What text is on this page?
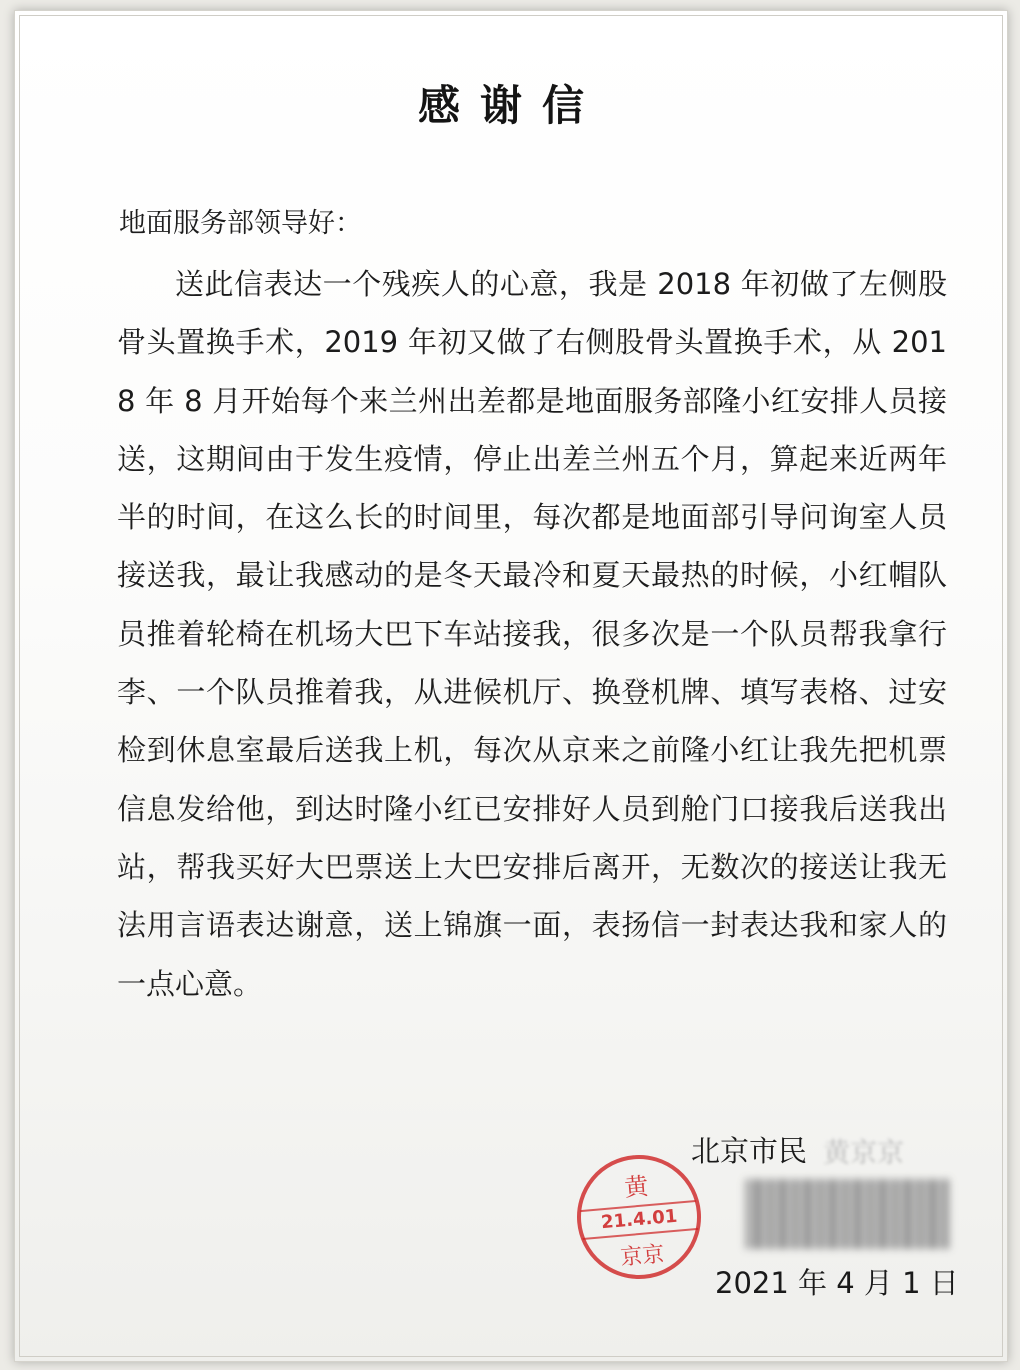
感谢信
地面服务部领导好：

送此信表达一个残疾人的心意，我是 2018 年初做了左侧股骨头置换手术，2019 年初又做了右侧股骨头置换手术，从 2018 年 8 月开始每个来兰州出差都是地面服务部隆小红安排人员接送，这期间由于发生疫情，停止出差兰州五个月，算起来近两年半的时间，在这么长的时间里，每次都是地面部引导问询室人员接送我，最让我感动的是冬天最冷和夏天最热的时候，小红帽队员推着轮椅在机场大巴下车站接我，很多次是一个队员帮我拿行李、一个队员推着我，从进候机厅、换登机牌、填写表格、过安检到休息室最后送我上机，每次从京来之前隆小红让我先把机票信息发给他，到达时隆小红已安排好人员到舱门口接我后送我出站，帮我买好大巴票送上大巴安排后离开，无数次的接送让我无法用言语表达谢意，送上锦旗一面，表扬信一封表达我和家人的一点心意。

北京市民 黄京京
黄
21.4.01
京京
2021 年 4 月 1 日
